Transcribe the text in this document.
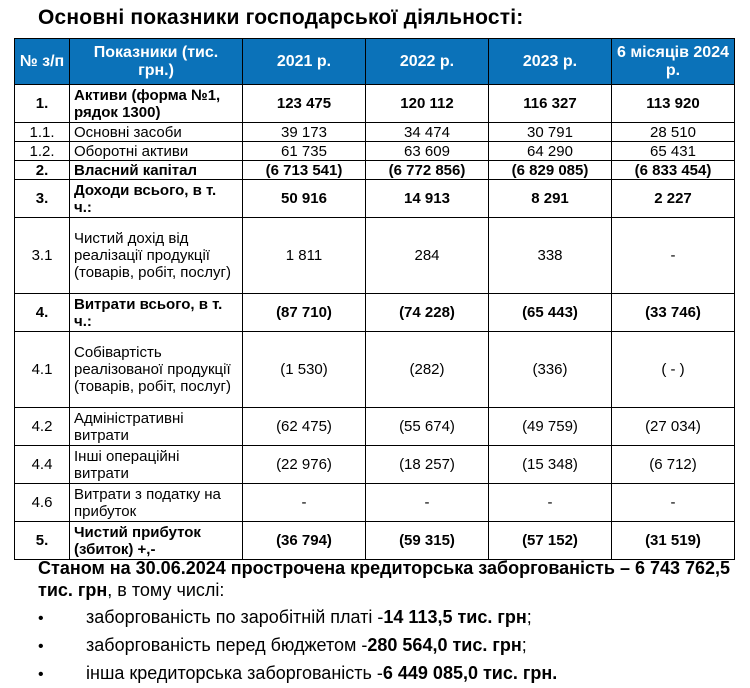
Основні показники господарської діяльності:
№ з/п	Показники (тис. грн.)	2021 р.	2022 р.	2023 р.	6 місяців 2024 р.
1.	Активи (форма №1, рядок 1300)	123 475	120 112	116 327	113 920
1.1.	Основні засоби	39 173	34 474	30 791	28 510
1.2.	Оборотні активи	61 735	63 609	64 290	65 431
2.	Власний капітал	(6 713 541)	(6 772 856)	(6 829 085)	(6 833 454)
3.	Доходи всього, в т. ч.:	50 916	14 913	8 291	2 227
3.1	Чистий дохід від реалізації продукції (товарів, робіт, послуг)	1 811	284	338	-
4.	Витрати всього, в т. ч.:	(87 710)	(74 228)	(65 443)	(33 746)
4.1	Собівартість реалізованої продукції (товарів, робіт, послуг)	(1 530)	(282)	(336)	( - )
4.2	Адміністративні витрати	(62 475)	(55 674)	(49 759)	(27 034)
4.4	Інші операційні витрати	(22 976)	(18 257)	(15 348)	(6 712)
4.6	Витрати з податку на прибуток	-	-	-	-
5.	Чистий прибуток (збиток) +,-	(36 794)	(59 315)	(57 152)	(31 519)
Станом на 30.06.2024 прострочена кредиторська заборгованість – 6 743 762,5 тис. грн, в тому числі:
•	заборгованість по заробітній платі - 14 113,5 тис. грн ;
•	заборгованість перед бюджетом - 280 564,0 тис. грн ;
•	інша кредиторська заборгованість - 6 449 085,0 тис. грн.
